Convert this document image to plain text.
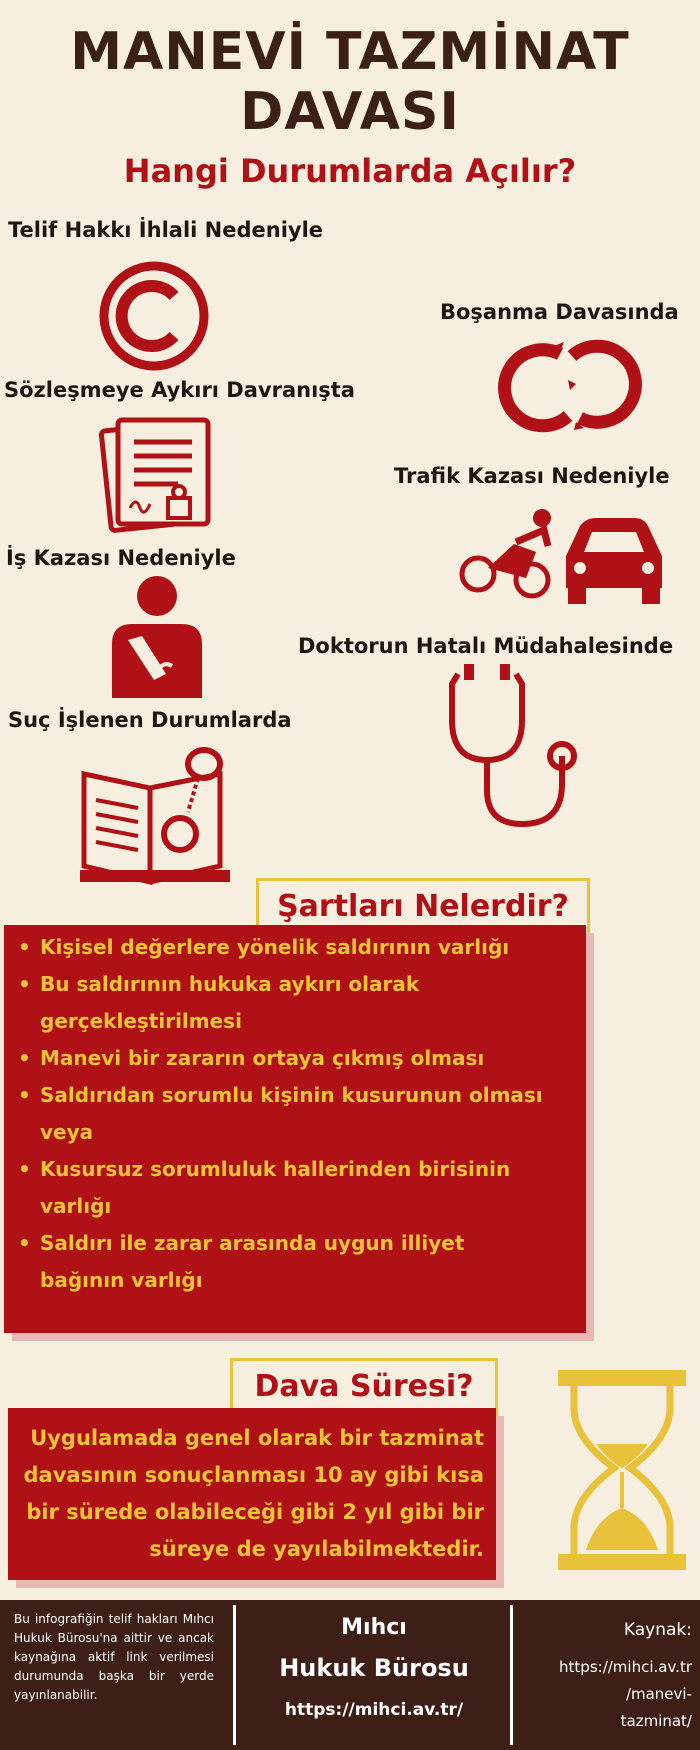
MANEVİ TAZMİNAT
DAVASI
Hangi Durumlarda Açılır?
Telif Hakkı İhlali Nedeniyle
Boşanma Davasında
Sözleşmeye Aykırı Davranışta
Trafik Kazası Nedeniyle
İş Kazası Nedeniyle
Doktorun Hatalı Müdahalesinde
Suç İşlenen Durumlarda
Şartları Nelerdir?
• Kişisel değerlere yönelik saldırının varlığı
• Bu saldırının hukuka aykırı olarak
gerçekleştirilmesi
• Manevi bir zararın ortaya çıkmış olması
• Saldırıdan sorumlu kişinin kusurunun olması
veya
• Kusursuz sorumluluk hallerinden birisinin
varlığı
• Saldırı ile zarar arasında uygun illiyet
bağının varlığı
Dava Süresi?
Uygulamada genel olarak bir tazminat
davasının sonuçlanması 10 ay gibi kısa
bir sürede olabileceği gibi 2 yıl gibi bir
süreye de yayılabilmektedir.
Bu infografiğin telif hakları Mıhcı Hukuk Bürosu'na aittir ve ancak kaynağına aktif link verilmesi durumunda başka bir yerde yayınlanabilir.
Mıhcı
Hukuk Bürosu
https://mihci.av.tr/
Kaynak:
https://mihci.av.tr
/manevi-
tazminat/
